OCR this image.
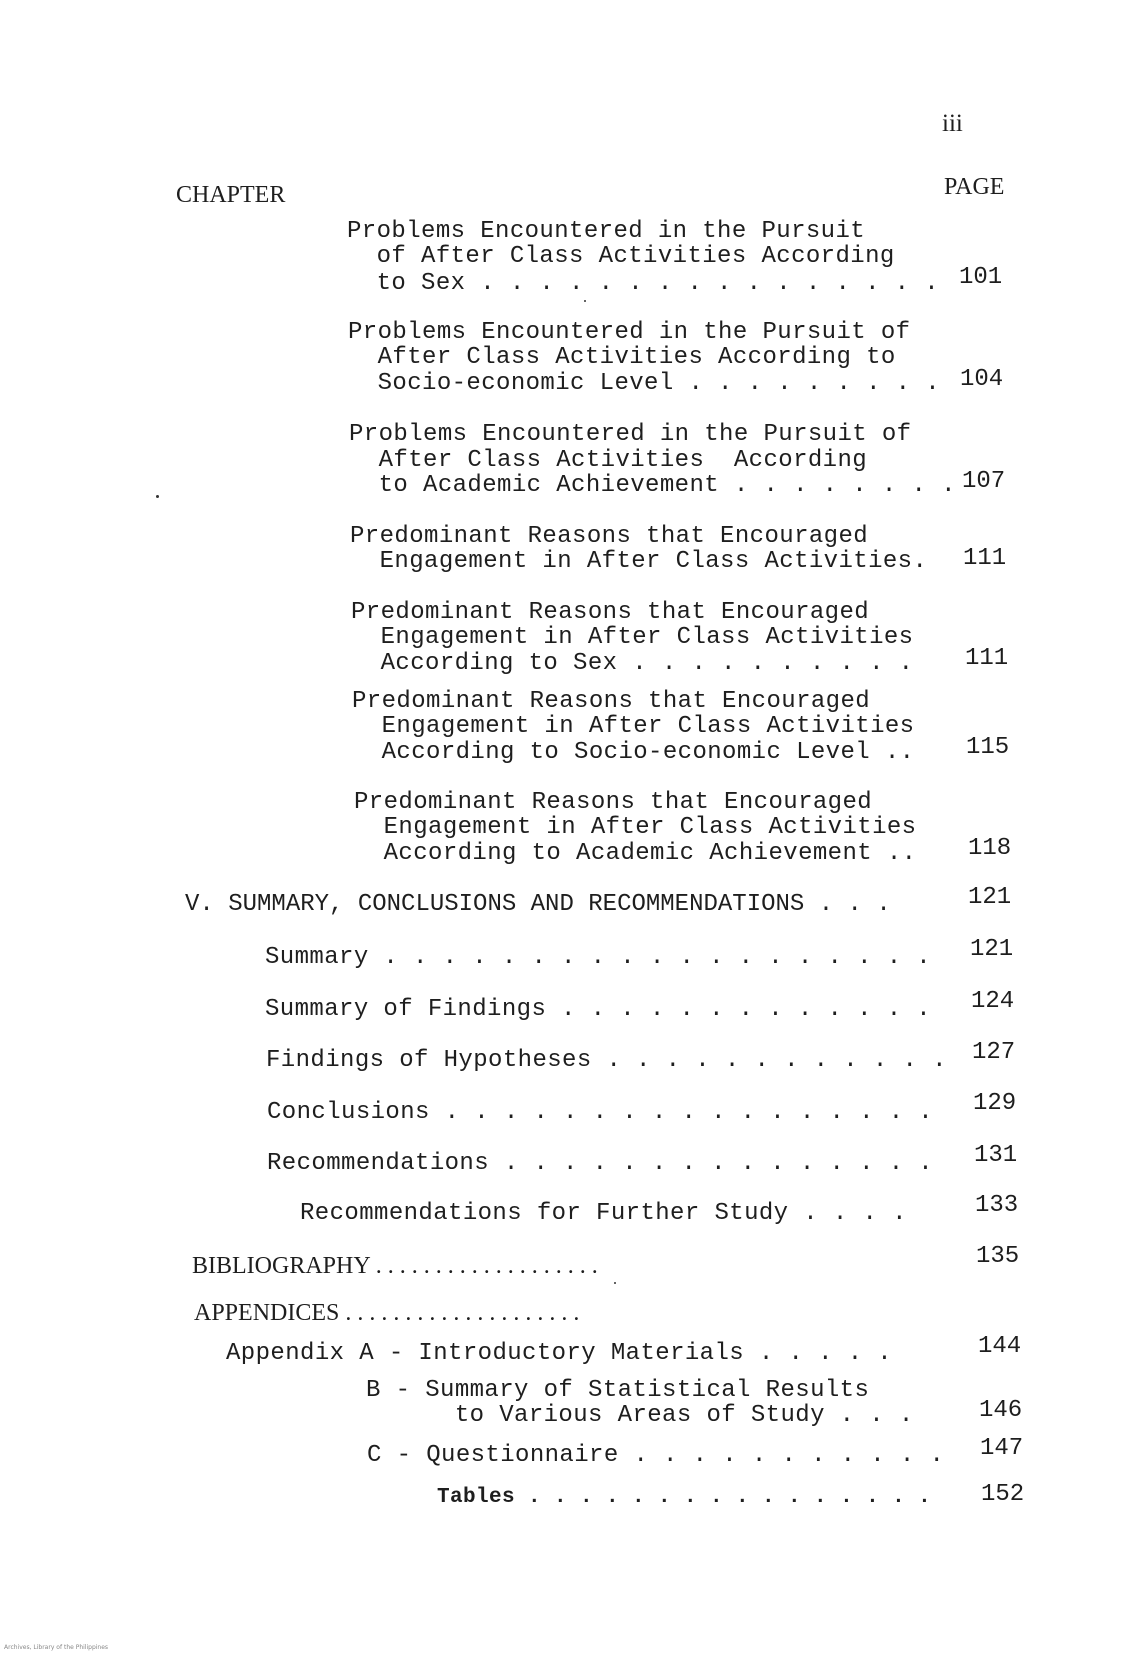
iii
CHAPTER	PAGE
Problems Encountered in the Pursuit
of After Class Activities According
to Sex . . . . . . . . . . . . . . . . 101
Problems Encountered in the Pursuit of
After Class Activities According to
Socio-economic Level . . . . . . . . . 104
Problems Encountered in the Pursuit of
After Class Activities  According
to Academic Achievement . . . . . . . . 107
Predominant Reasons that Encouraged
Engagement in After Class Activities. 111
Predominant Reasons that Encouraged
Engagement in After Class Activities
According to Sex . . . . . . . . . . 111
Predominant Reasons that Encouraged
Engagement in After Class Activities
According to Socio-economic Level .. 115
Predominant Reasons that Encouraged
Engagement in After Class Activities
According to Academic Achievement .. 118
V. SUMMARY, CONCLUSIONS AND RECOMMENDATIONS . . .	121
Summary . . . . . . . . . . . . . . . . . . . 121
Summary of Findings . . . . . . . . . . . . . 124
Findings of Hypotheses . . . . . . . . . . . . 127
Conclusions . . . . . . . . . . . . . . . . . 129
Recommendations . . . . . . . . . . . . . . . 131
Recommendations for Further Study . . . .	133
BIBLIOGRAPHY . . . . . . . . . . . . . . . . . . .	135
APPENDICES . . . . . . . . . . . . . . . . . . . .
Appendix A - Introductory Materials . . . . .	144
B - Summary of Statistical Results
to Various Areas of Study . . .	146
C - Questionnaire . . . . . . . . . . . 147
Tables . . . . . . . . . . . . . . . . 152
Archives, Library of the Philippines
